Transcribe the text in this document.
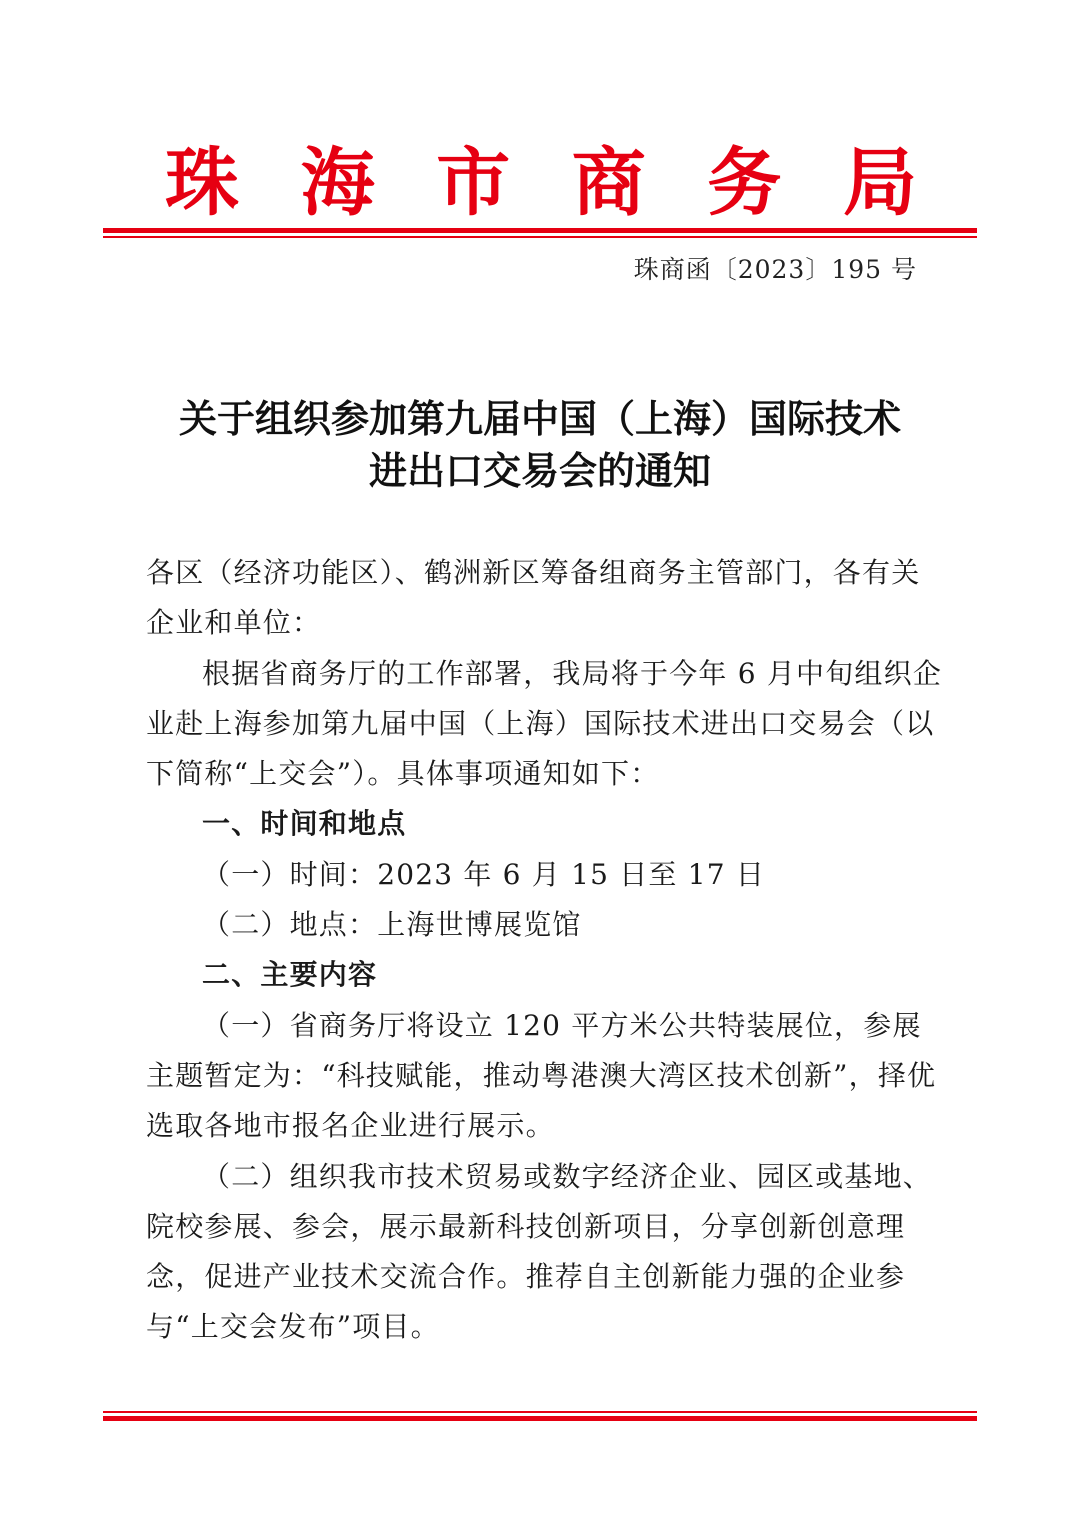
珠 海 市 商 务 局
珠商函〔2023〕195 号
关于组织参加第九届中国（上海）国际技术
进出口交易会的通知

各区（经济功能区）、鹤洲新区筹备组商务主管部门，各有关企业和单位：

根据省商务厅的工作部署，我局将于今年 6 月中旬组织企业赴上海参加第九届中国（上海）国际技术进出口交易会（以下简称“上交会”）。具体事项通知如下：

一、时间和地点

（一）时间：2023 年 6 月 15 日至 17 日

（二）地点：上海世博展览馆

二、主要内容

（一）省商务厅将设立 120 平方米公共特装展位，参展主题暂定为：“科技赋能，推动粤港澳大湾区技术创新”，择优选取各地市报名企业进行展示。

（二）组织我市技术贸易或数字经济企业、园区或基地、院校参展、参会，展示最新科技创新项目，分享创新创意理念，促进产业技术交流合作。推荐自主创新能力强的企业参与“上交会发布”项目。
